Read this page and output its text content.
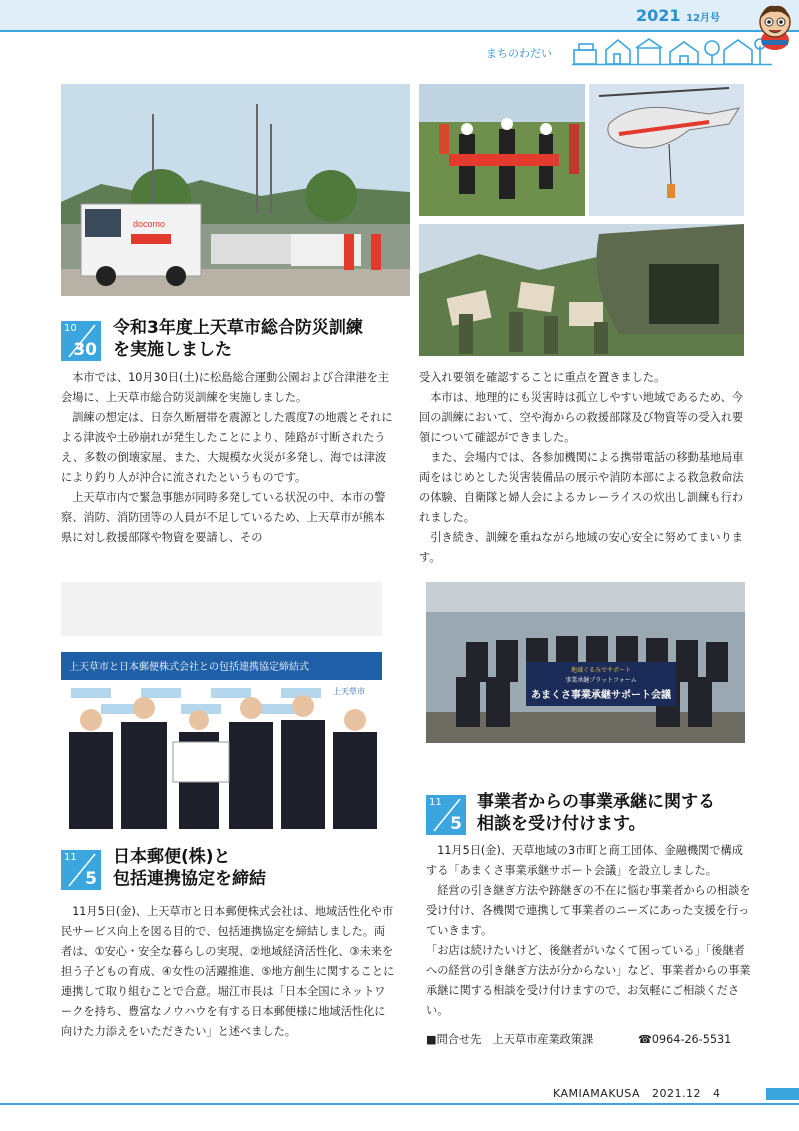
2021 12月号
まちのわだい
docomo
10
30
令和3年度上天草市総合防災訓練
を実施しました

本市では、10月30日(土)に松島総合運動公園および合津港を主会場に、上天草市総合防災訓練を実施しました。

訓練の想定は、日奈久断層帯を震源とした震度7の地震とそれによる津波や土砂崩れが発生したことにより、陸路が寸断されたうえ、多数の倒壊家屋、また、大規模な火災が多発し、海では津波により釣り人が沖合に流されたというものです。

上天草市内で緊急事態が同時多発している状況の中、本市の警察、消防、消防団等の人員が不足しているため、上天草市が熊本県に対し救援部隊や物資を要請し、その

受入れ要領を確認することに重点を置きました。

本市は、地理的にも災害時は孤立しやすい地域であるため、今回の訓練において、空や海からの救援部隊及び物資等の受入れ要領について確認ができました。

また、会場内では、各参加機関による携帯電話の移動基地局車両をはじめとした災害装備品の展示や消防本部による救急救命法の体験、自衛隊と婦人会によるカレーライスの炊出し訓練も行われました。

引き続き、訓練を重ねながら地域の安心安全に努めてまいります。

上天草市と日本郵便株式会社との包括連携協定締結式
上天草市
11
5
日本郵便(株)と
包括連携協定を締結

11月5日(金)、上天草市と日本郵便株式会社は、地域活性化や市民サービス向上を図る目的で、包括連携協定を締結しました。両者は、①安心・安全な暮らしの実現、②地域経済活性化、③未来を担う子どもの育成、④女性の活躍推進、⑤地方創生に関することに連携して取り組むことで合意。堀江市長は「日本全国にネットワークを持ち、豊富なノウハウを有する日本郵便様に地域活性化に向けた力添えをいただきたい」と述べました。

地域ぐるみでサポート
事業承継プラットフォーム
あまくさ事業承継サポート会議
11
5
事業者からの事業承継に関する
相談を受け付けます。

11月5日(金)、天草地域の3市町と商工団体、金融機関で構成する「あまくさ事業承継サポート会議」を設立しました。

経営の引き継ぎ方法や跡継ぎの不在に悩む事業者からの相談を受け付け、各機関で連携して事業者のニーズにあった支援を行っていきます。

「お店は続けたいけど、後継者がいなくて困っている」「後継者への経営の引き継ぎ方法が分からない」など、事業者からの事業承継に関する相談を受け付けますので、お気軽にご相談ください。

■問合せ先　上天草市産業政策課	☎0964-26-5531
KAMIAMAKUSA 2021.12 4
